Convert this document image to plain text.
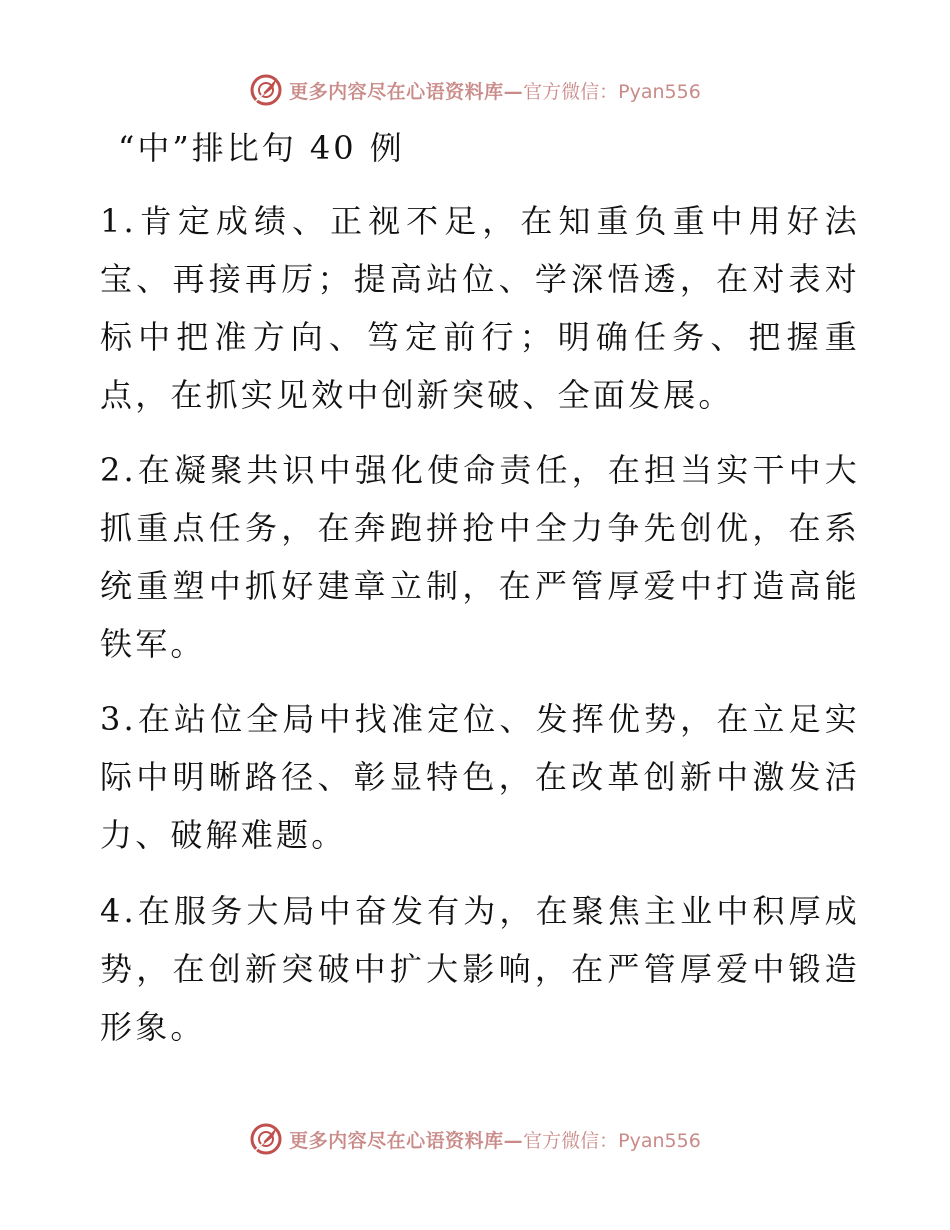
更多内容尽在心语资料库— 官方微信：Pyan556
“中”排比句 40 例
1.肯定成绩、正视不足，在知重负重中用好法宝、再接再厉；提高站位、学深悟透，在对表对标中把准方向、笃定前行；明确任务、把握重点，在抓实见效中创新突破、全面发展。
2.在凝聚共识中强化使命责任，在担当实干中大抓重点任务，在奔跑拼抢中全力争先创优，在系统重塑中抓好建章立制，在严管厚爱中打造高能铁军。
3.在站位全局中找准定位、发挥优势，在立足实际中明晰路径、彰显特色，在改革创新中激发活力、破解难题。
4.在服务大局中奋发有为，在聚焦主业中积厚成势，在创新突破中扩大影响，在严管厚爱中锻造形象。
更多内容尽在心语资料库— 官方微信：Pyan556
